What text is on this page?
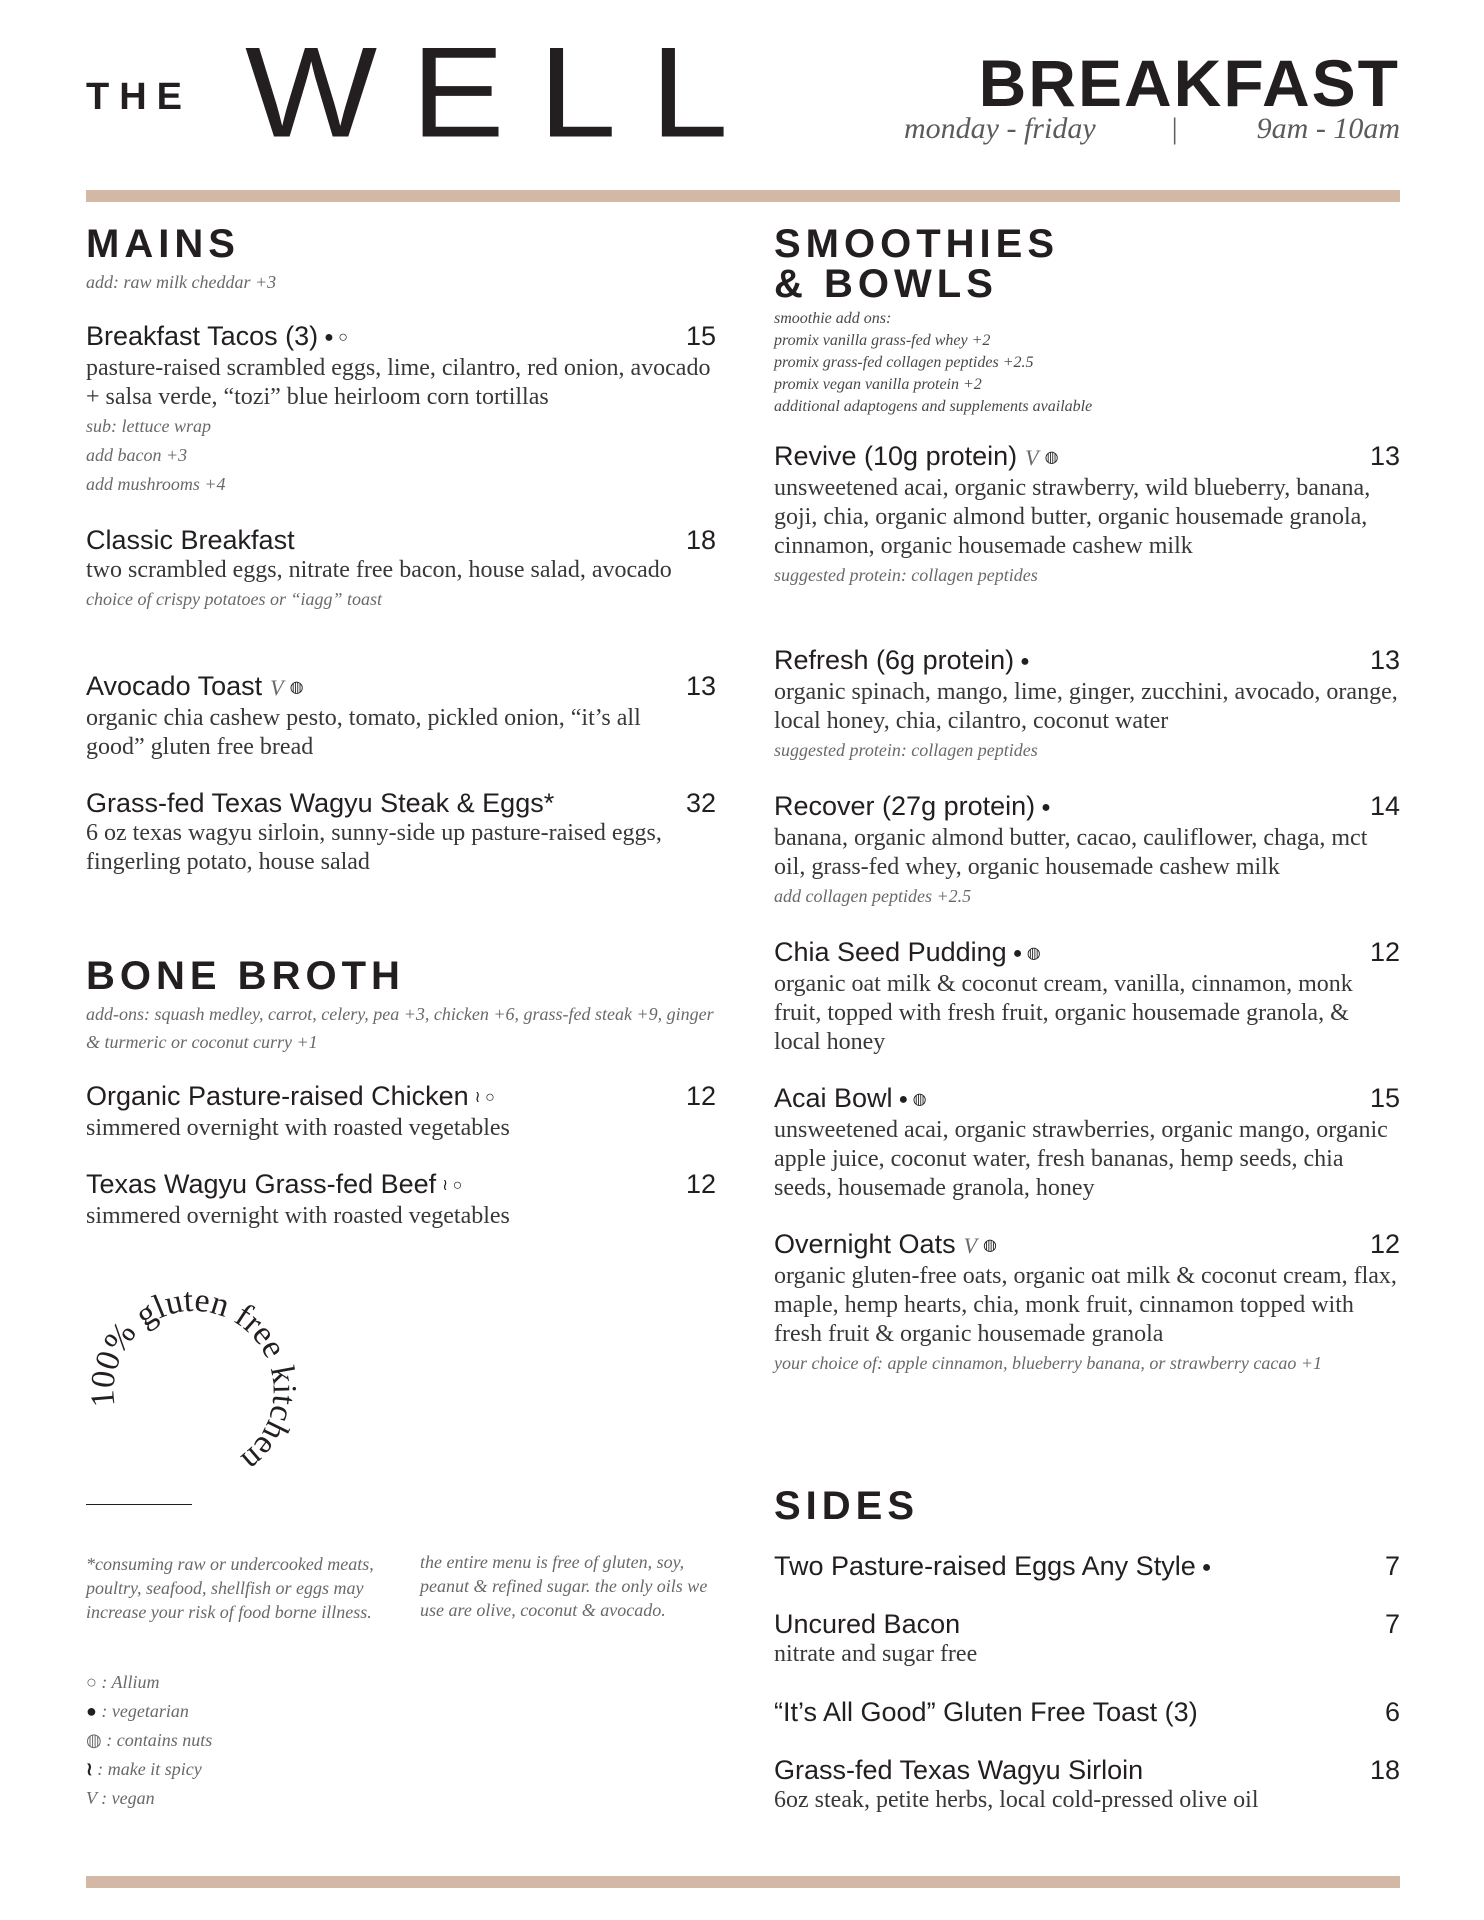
THE WELL	BREAKFAST
monday - friday |	9am - 10am
MAINS
add: raw milk cheddar +3
Breakfast Tacos (3) ● ○	15
pasture-raised scrambled eggs, lime, cilantro, red onion, avocado + salsa verde, “tozi” blue heirloom corn tortillas
sub: lettuce wrap
add bacon +3
add mushrooms +4
Classic Breakfast	18
two scrambled eggs, nitrate free bacon, house salad, avocado
choice of crispy potatoes or “iagg” toast
Avocado Toast V ◍	13
organic chia cashew pesto, tomato, pickled onion, “it’s all good” gluten free bread
Grass-fed Texas Wagyu Steak & Eggs*	32
6 oz texas wagyu sirloin, sunny-side up pasture-raised eggs, fingerling potato, house salad
BONE BROTH
add-ons: squash medley, carrot, celery, pea +3, chicken +6, grass-fed steak +9, ginger & turmeric or coconut curry +1
Organic Pasture-raised Chicken ≀ ○	12
simmered overnight with roasted vegetables
Texas Wagyu Grass-fed Beef ≀ ○	12
simmered overnight with roasted vegetables
100% gluten free kitchen
*consuming raw or undercooked meats, poultry, seafood, shellfish or eggs may increase your risk of food borne illness.
the entire menu is free of gluten, soy, peanut & refined sugar. the only oils we use are olive, coconut & avocado.
○ : Allium
● : vegetarian
◍ : contains nuts
≀ : make it spicy
V : vegan
SMOOTHIES
& BOWLS
smoothie add ons:
promix vanilla grass-fed whey +2
promix grass-fed collagen peptides +2.5
promix vegan vanilla protein +2
additional adaptogens and supplements available
Revive (10g protein) V ◍	13
unsweetened acai, organic strawberry, wild blueberry, banana, goji, chia, organic almond butter, organic housemade granola, cinnamon, organic housemade cashew milk
suggested protein: collagen peptides
Refresh (6g protein) ●	13
organic spinach, mango, lime, ginger, zucchini, avocado, orange, local honey, chia, cilantro, coconut water
suggested protein: collagen peptides
Recover (27g protein) ●	14
banana, organic almond butter, cacao, cauliflower, chaga, mct oil, grass-fed whey, organic housemade cashew milk
add collagen peptides +2.5
Chia Seed Pudding ● ◍	12
organic oat milk & coconut cream, vanilla, cinnamon, monk fruit, topped with fresh fruit, organic housemade granola, & local honey
Acai Bowl ● ◍	15
unsweetened acai, organic strawberries, organic mango, organic apple juice, coconut water, fresh bananas, hemp seeds, chia seeds, housemade granola, honey
Overnight Oats V ◍	12
organic gluten-free oats, organic oat milk & coconut cream, flax, maple, hemp hearts, chia, monk fruit, cinnamon topped with fresh fruit & organic housemade granola
your choice of: apple cinnamon, blueberry banana, or strawberry cacao +1
SIDES
Two Pasture-raised Eggs Any Style ●	7
Uncured Bacon	7
nitrate and sugar free
“It’s All Good” Gluten Free Toast (3)	6
Grass-fed Texas Wagyu Sirloin	18
6oz steak, petite herbs, local cold-pressed olive oil
